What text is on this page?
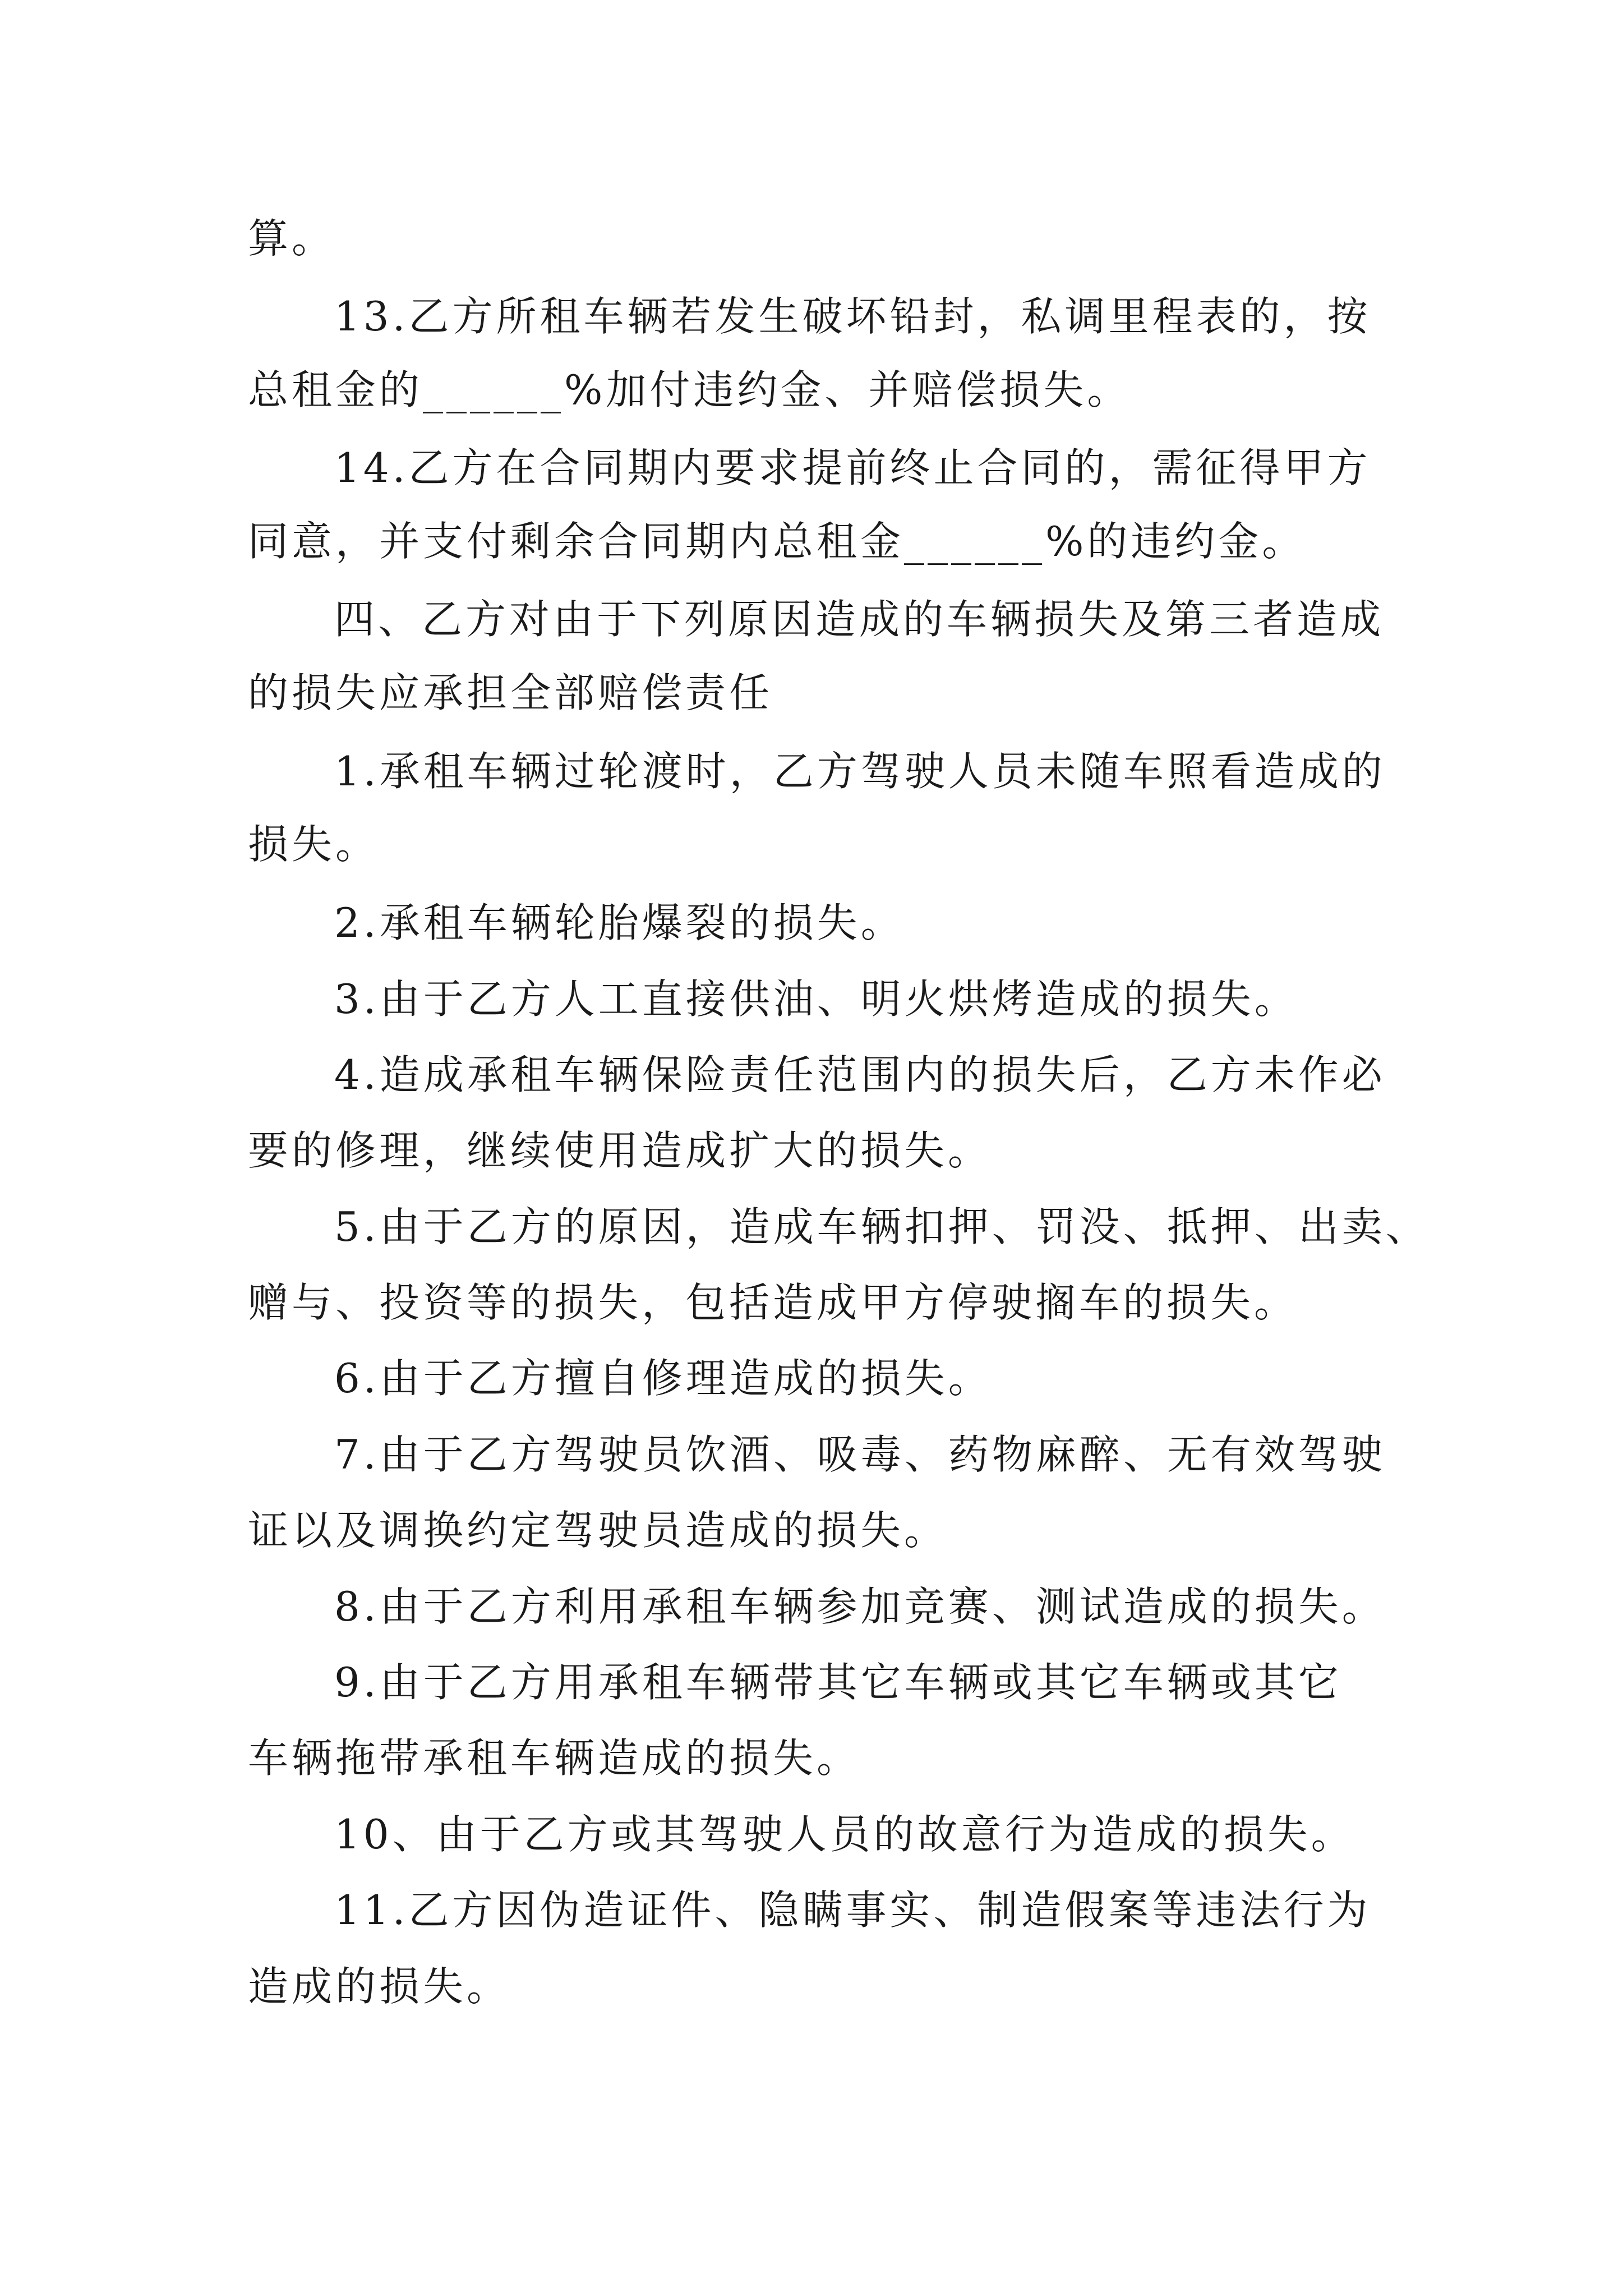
算。
13.乙方所租车辆若发生破坏铅封，私调里程表的，按
总租金的______%加付违约金、并赔偿损失。
14.乙方在合同期内要求提前终止合同的，需征得甲方
同意，并支付剩余合同期内总租金______%的违约金。
四、乙方对由于下列原因造成的车辆损失及第三者造成
的损失应承担全部赔偿责任
1.承租车辆过轮渡时，乙方驾驶人员未随车照看造成的
损失。
2.承租车辆轮胎爆裂的损失。
3.由于乙方人工直接供油、明火烘烤造成的损失。
4.造成承租车辆保险责任范围内的损失后，乙方未作必
要的修理，继续使用造成扩大的损失。
5.由于乙方的原因，造成车辆扣押、罚没、抵押、出卖、
赠与、投资等的损失，包括造成甲方停驶搁车的损失。
6.由于乙方擅自修理造成的损失。
7.由于乙方驾驶员饮酒、吸毒、药物麻醉、无有效驾驶
证以及调换约定驾驶员造成的损失。
8.由于乙方利用承租车辆参加竞赛、测试造成的损失。
9.由于乙方用承租车辆带其它车辆或其它车辆或其它
车辆拖带承租车辆造成的损失。
10、由于乙方或其驾驶人员的故意行为造成的损失。
11.乙方因伪造证件、隐瞒事实、制造假案等违法行为
造成的损失。
